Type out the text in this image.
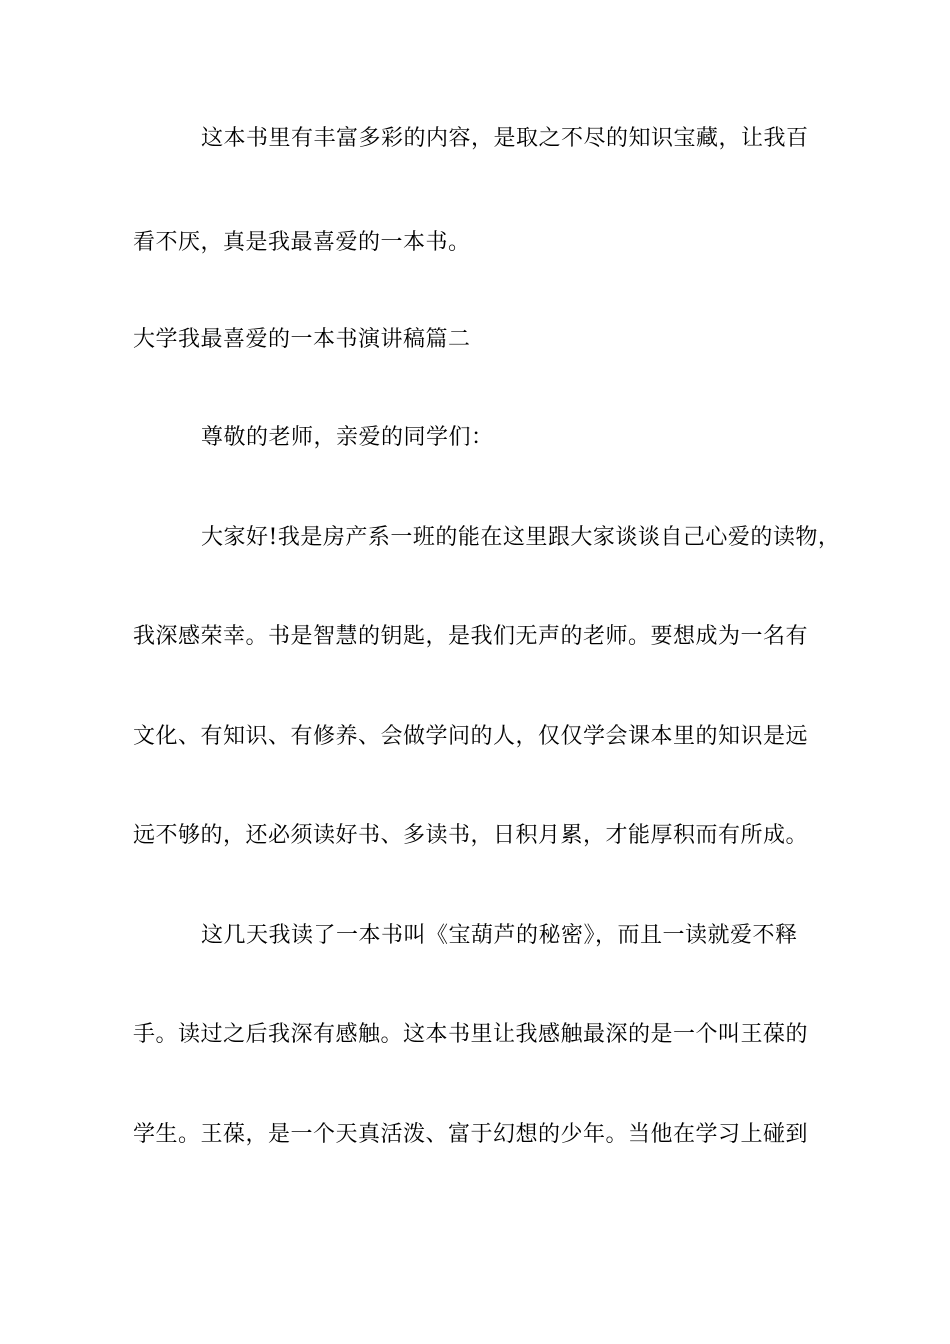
这本书里有丰富多彩的内容，是取之不尽的知识宝藏，让我百
看不厌，真是我最喜爱的一本书。
大学我最喜爱的一本书演讲稿篇二
尊敬的老师，亲爱的同学们：
大家好!我是房产系一班的能在这里跟大家谈谈自己心爱的读物，
我深感荣幸。书是智慧的钥匙，是我们无声的老师。要想成为一名有
文化、有知识、有修养、会做学问的人，仅仅学会课本里的知识是远
远不够的，还必须读好书、多读书，日积月累，才能厚积而有所成。
这几天我读了一本书叫《宝葫芦的秘密》，而且一读就爱不释
手。读过之后我深有感触。这本书里让我感触最深的是一个叫王葆的
学生。王葆，是一个天真活泼、富于幻想的少年。当他在学习上碰到
